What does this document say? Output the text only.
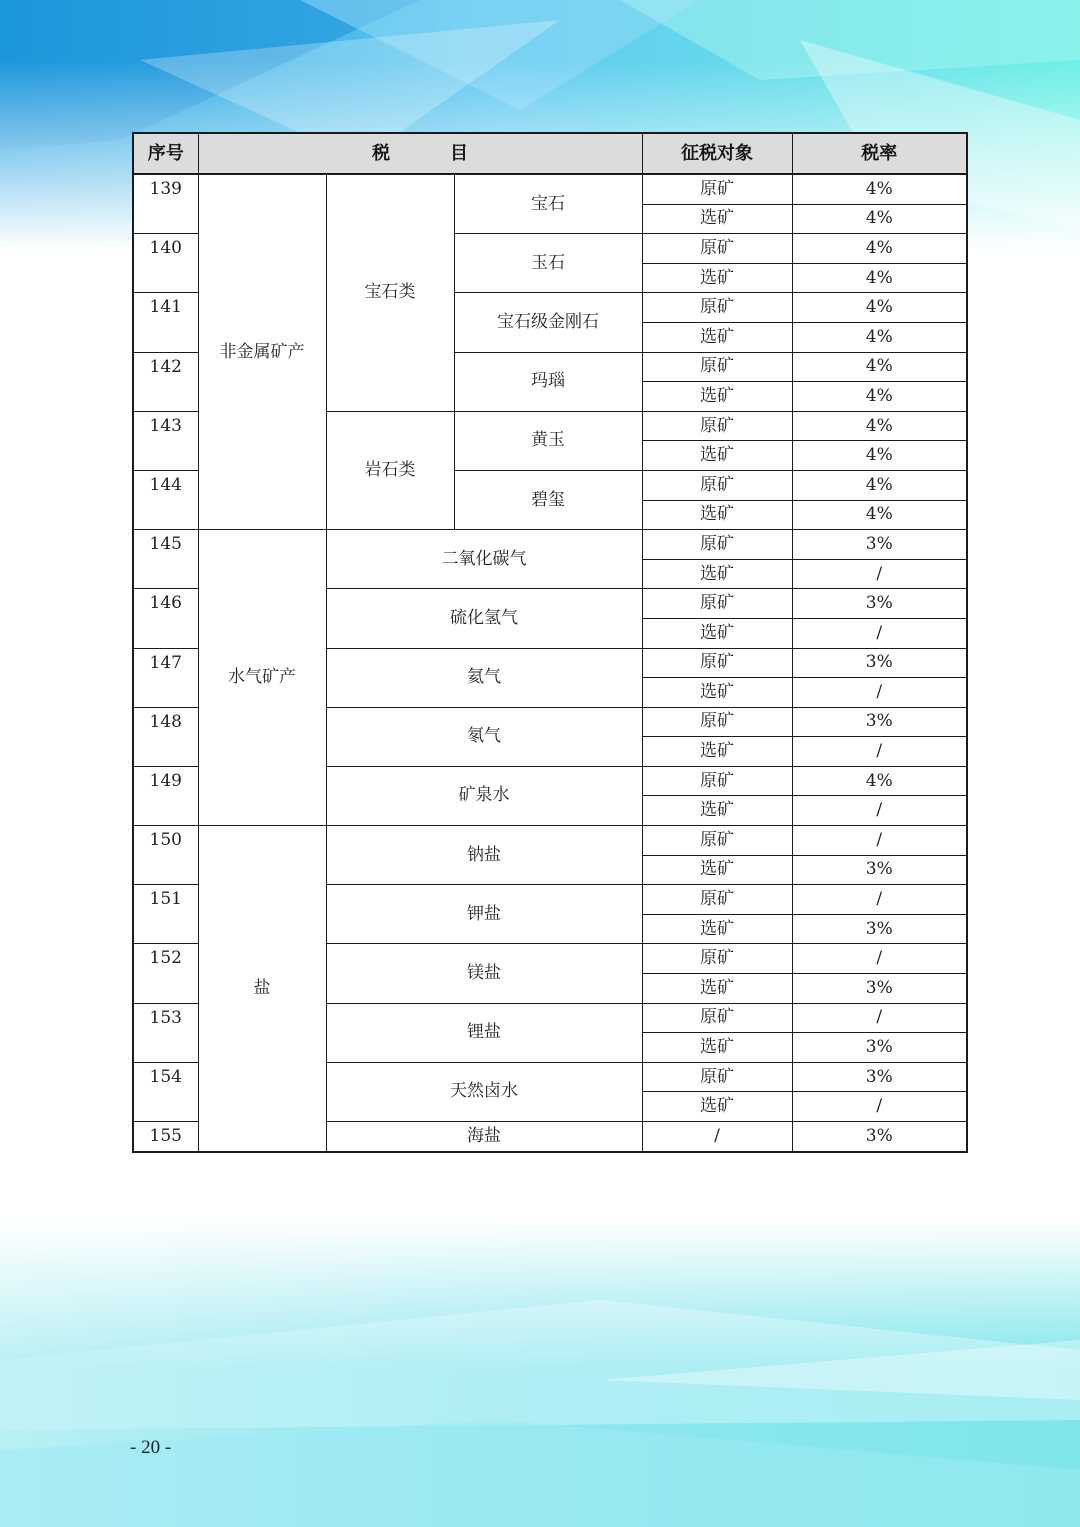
序号	税目			征税对象	税率
139	非金属矿产	宝石类	宝石	原矿	4%
				选矿	4%
140			玉石	原矿	4%
				选矿	4%
141			宝石级金刚石	原矿	4%
				选矿	4%
142			玛瑙	原矿	4%
				选矿	4%
143		岩石类	黄玉	原矿	4%
				选矿	4%
144			碧玺	原矿	4%
				选矿	4%
145	水气矿产	二氧化碳气		原矿	3%
				选矿	/
146		硫化氢气		原矿	3%
				选矿	/
147		氦气		原矿	3%
				选矿	/
148		氡气		原矿	3%
				选矿	/
149		矿泉水		原矿	4%
				选矿	/
150	盐	钠盐		原矿	/
				选矿	3%
151		钾盐		原矿	/
				选矿	3%
152		镁盐		原矿	/
				选矿	3%
153		锂盐		原矿	/
				选矿	3%
154		天然卤水		原矿	3%
				选矿	/
155		海盐		/	3%
- 20 -
